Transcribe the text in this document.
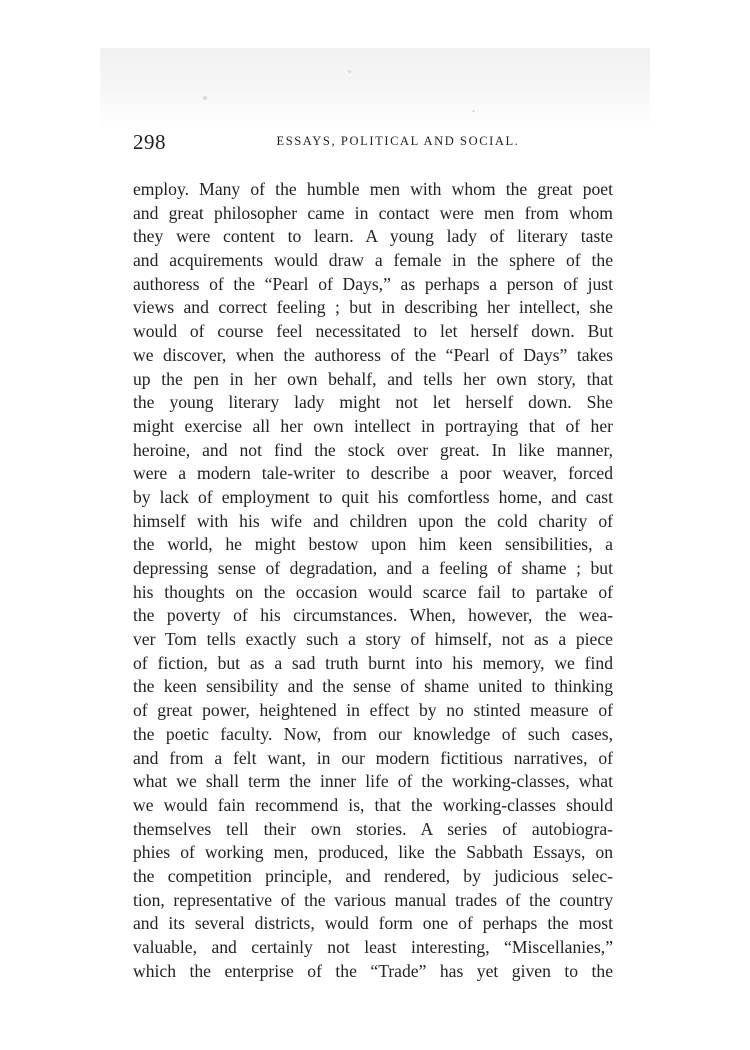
298	ESSAYS, POLITICAL AND SOCIAL.
employ. Many of the humble men with whom the great poet
and great philosopher came in contact were men from whom
they were content to learn. A young lady of literary taste
and acquirements would draw a female in the sphere of the
authoress of the “Pearl of Days,” as perhaps a person of just
views and correct feeling ; but in describing her intellect, she
would of course feel necessitated to let herself down. But
we discover, when the authoress of the “Pearl of Days” takes
up the pen in her own behalf, and tells her own story, that
the young literary lady might not let herself down. She
might exercise all her own intellect in portraying that of her
heroine, and not find the stock over great. In like manner,
were a modern tale-writer to describe a poor weaver, forced
by lack of employment to quit his comfortless home, and cast
himself with his wife and children upon the cold charity of
the world, he might bestow upon him keen sensibilities, a
depressing sense of degradation, and a feeling of shame ; but
his thoughts on the occasion would scarce fail to partake of
the poverty of his circumstances. When, however, the wea-
ver Tom tells exactly such a story of himself, not as a piece
of fiction, but as a sad truth burnt into his memory, we find
the keen sensibility and the sense of shame united to thinking
of great power, heightened in effect by no stinted measure of
the poetic faculty. Now, from our knowledge of such cases,
and from a felt want, in our modern fictitious narratives, of
what we shall term the inner life of the working-classes, what
we would fain recommend is, that the working-classes should
themselves tell their own stories. A series of autobiogra-
phies of working men, produced, like the Sabbath Essays, on
the competition principle, and rendered, by judicious selec-
tion, representative of the various manual trades of the country
and its several districts, would form one of perhaps the most
valuable, and certainly not least interesting, “Miscellanies,”
which the enterprise of the “Trade” has yet given to the
